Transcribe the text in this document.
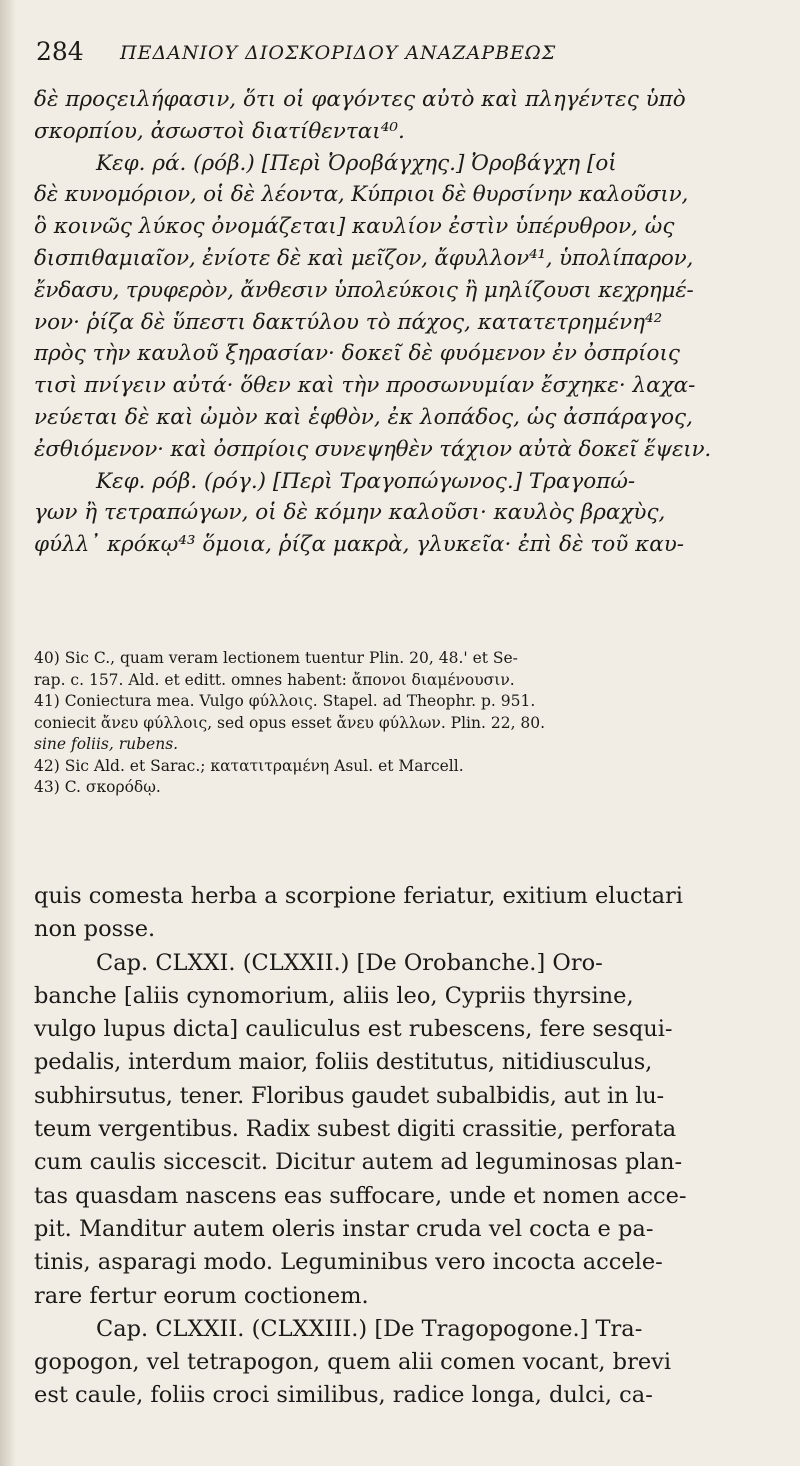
284 ΠΕΔΑΝΙΟΥ ΔΙΟΣΚΟΡΙΔΟΥ ΑΝΑΖΑΡΒΕΩΣ
δὲ προςειλήφασιν, ὅτι οἱ φαγόντες αὐτὸ καὶ πληγέντες ὑπὸ
σκορπίου, ἀσωστοὶ διατίθενται⁴⁰.
Κεφ. ρά. (ρόβ.) [Περὶ Ὀροβάγχης.] Ὀροβάγχη [οἱ
δὲ κυνομόριον, οἱ δὲ λέοντα, Κύπριοι δὲ θυρσίνην καλοῦσιν,
ὃ κοινῶς λύκος ὀνομάζεται] καυλίον ἐστὶν ὑπέρυθρον, ὡς
δισπιθαμιαῖον, ἐνίοτε δὲ καὶ μεῖζον, ἄφυλλον⁴¹, ὑπολίπαρον,
ἔνδασυ, τρυφερὸν, ἄνθεσιν ὑπολεύκοις ἢ μηλίζουσι κεχρημέ-
νον· ῥίζα δὲ ὕπεστι δακτύλου τὸ πάχος, κατατετρημένη⁴²
πρὸς τὴν καυλοῦ ξηρασίαν· δοκεῖ δὲ φυόμενον ἐν ὀσπρίοις
τισὶ πνίγειν αὐτά· ὅθεν καὶ τὴν προσωνυμίαν ἔσχηκε· λαχα-
νεύεται δὲ καὶ ὠμὸν καὶ ἑφθὸν, ἐκ λοπάδος, ὡς ἀσπάραγος,
ἐσθιόμενον· καὶ ὀσπρίοις συνεψηθὲν τάχιον αὐτὰ δοκεῖ ἕψειν.
Κεφ. ρόβ. (ρόγ.) [Περὶ Τραγοπώγωνος.] Τραγοπώ-
γων ἢ τετραπώγων, οἱ δὲ κόμην καλοῦσι· καυλὸς βραχὺς,
φύλλ᾽ κρόκῳ⁴³ ὅμοια, ῥίζα μακρὰ, γλυκεῖα· ἐπὶ δὲ τοῦ καυ-
40) Sic C., quam veram lectionem tuentur Plin. 20, 48.' et Se-
rap. c. 157. Ald. et editt. omnes habent: ἄπονοι διαμένουσιν.
41) Coniectura mea. Vulgo φύλλοις. Stapel. ad Theophr. p. 951.
coniecit ἄνευ φύλλοις, sed opus esset ἄνευ φύλλων. Plin. 22, 80.
sine foliis, rubens.
42) Sic Ald. et Sarac.; κατατιτραμένη Asul. et Marcell.
43) C. σκορόδῳ.
quis comesta herba a scorpione feriatur, exitium eluctari
non posse.
Cap. CLXXI. (CLXXII.) [De Orobanche.] Oro-
banche [aliis cynomorium, aliis leo, Cypriis thyrsine,
vulgo lupus dicta] cauliculus est rubescens, fere sesqui-
pedalis, interdum maior, foliis destitutus, nitidiusculus,
subhirsutus, tener. Floribus gaudet subalbidis, aut in lu-
teum vergentibus. Radix subest digiti crassitie, perforata
cum caulis siccescit. Dicitur autem ad leguminosas plan-
tas quasdam nascens eas suffocare, unde et nomen acce-
pit. Manditur autem oleris instar cruda vel cocta e pa-
tinis, asparagi modo. Leguminibus vero incocta accele-
rare fertur eorum coctionem.
Cap. CLXXII. (CLXXIII.) [De Tragopogone.] Tra-
gopogon, vel tetrapogon, quem alii comen vocant, brevi
est caule, foliis croci similibus, radice longa, dulci, ca-
